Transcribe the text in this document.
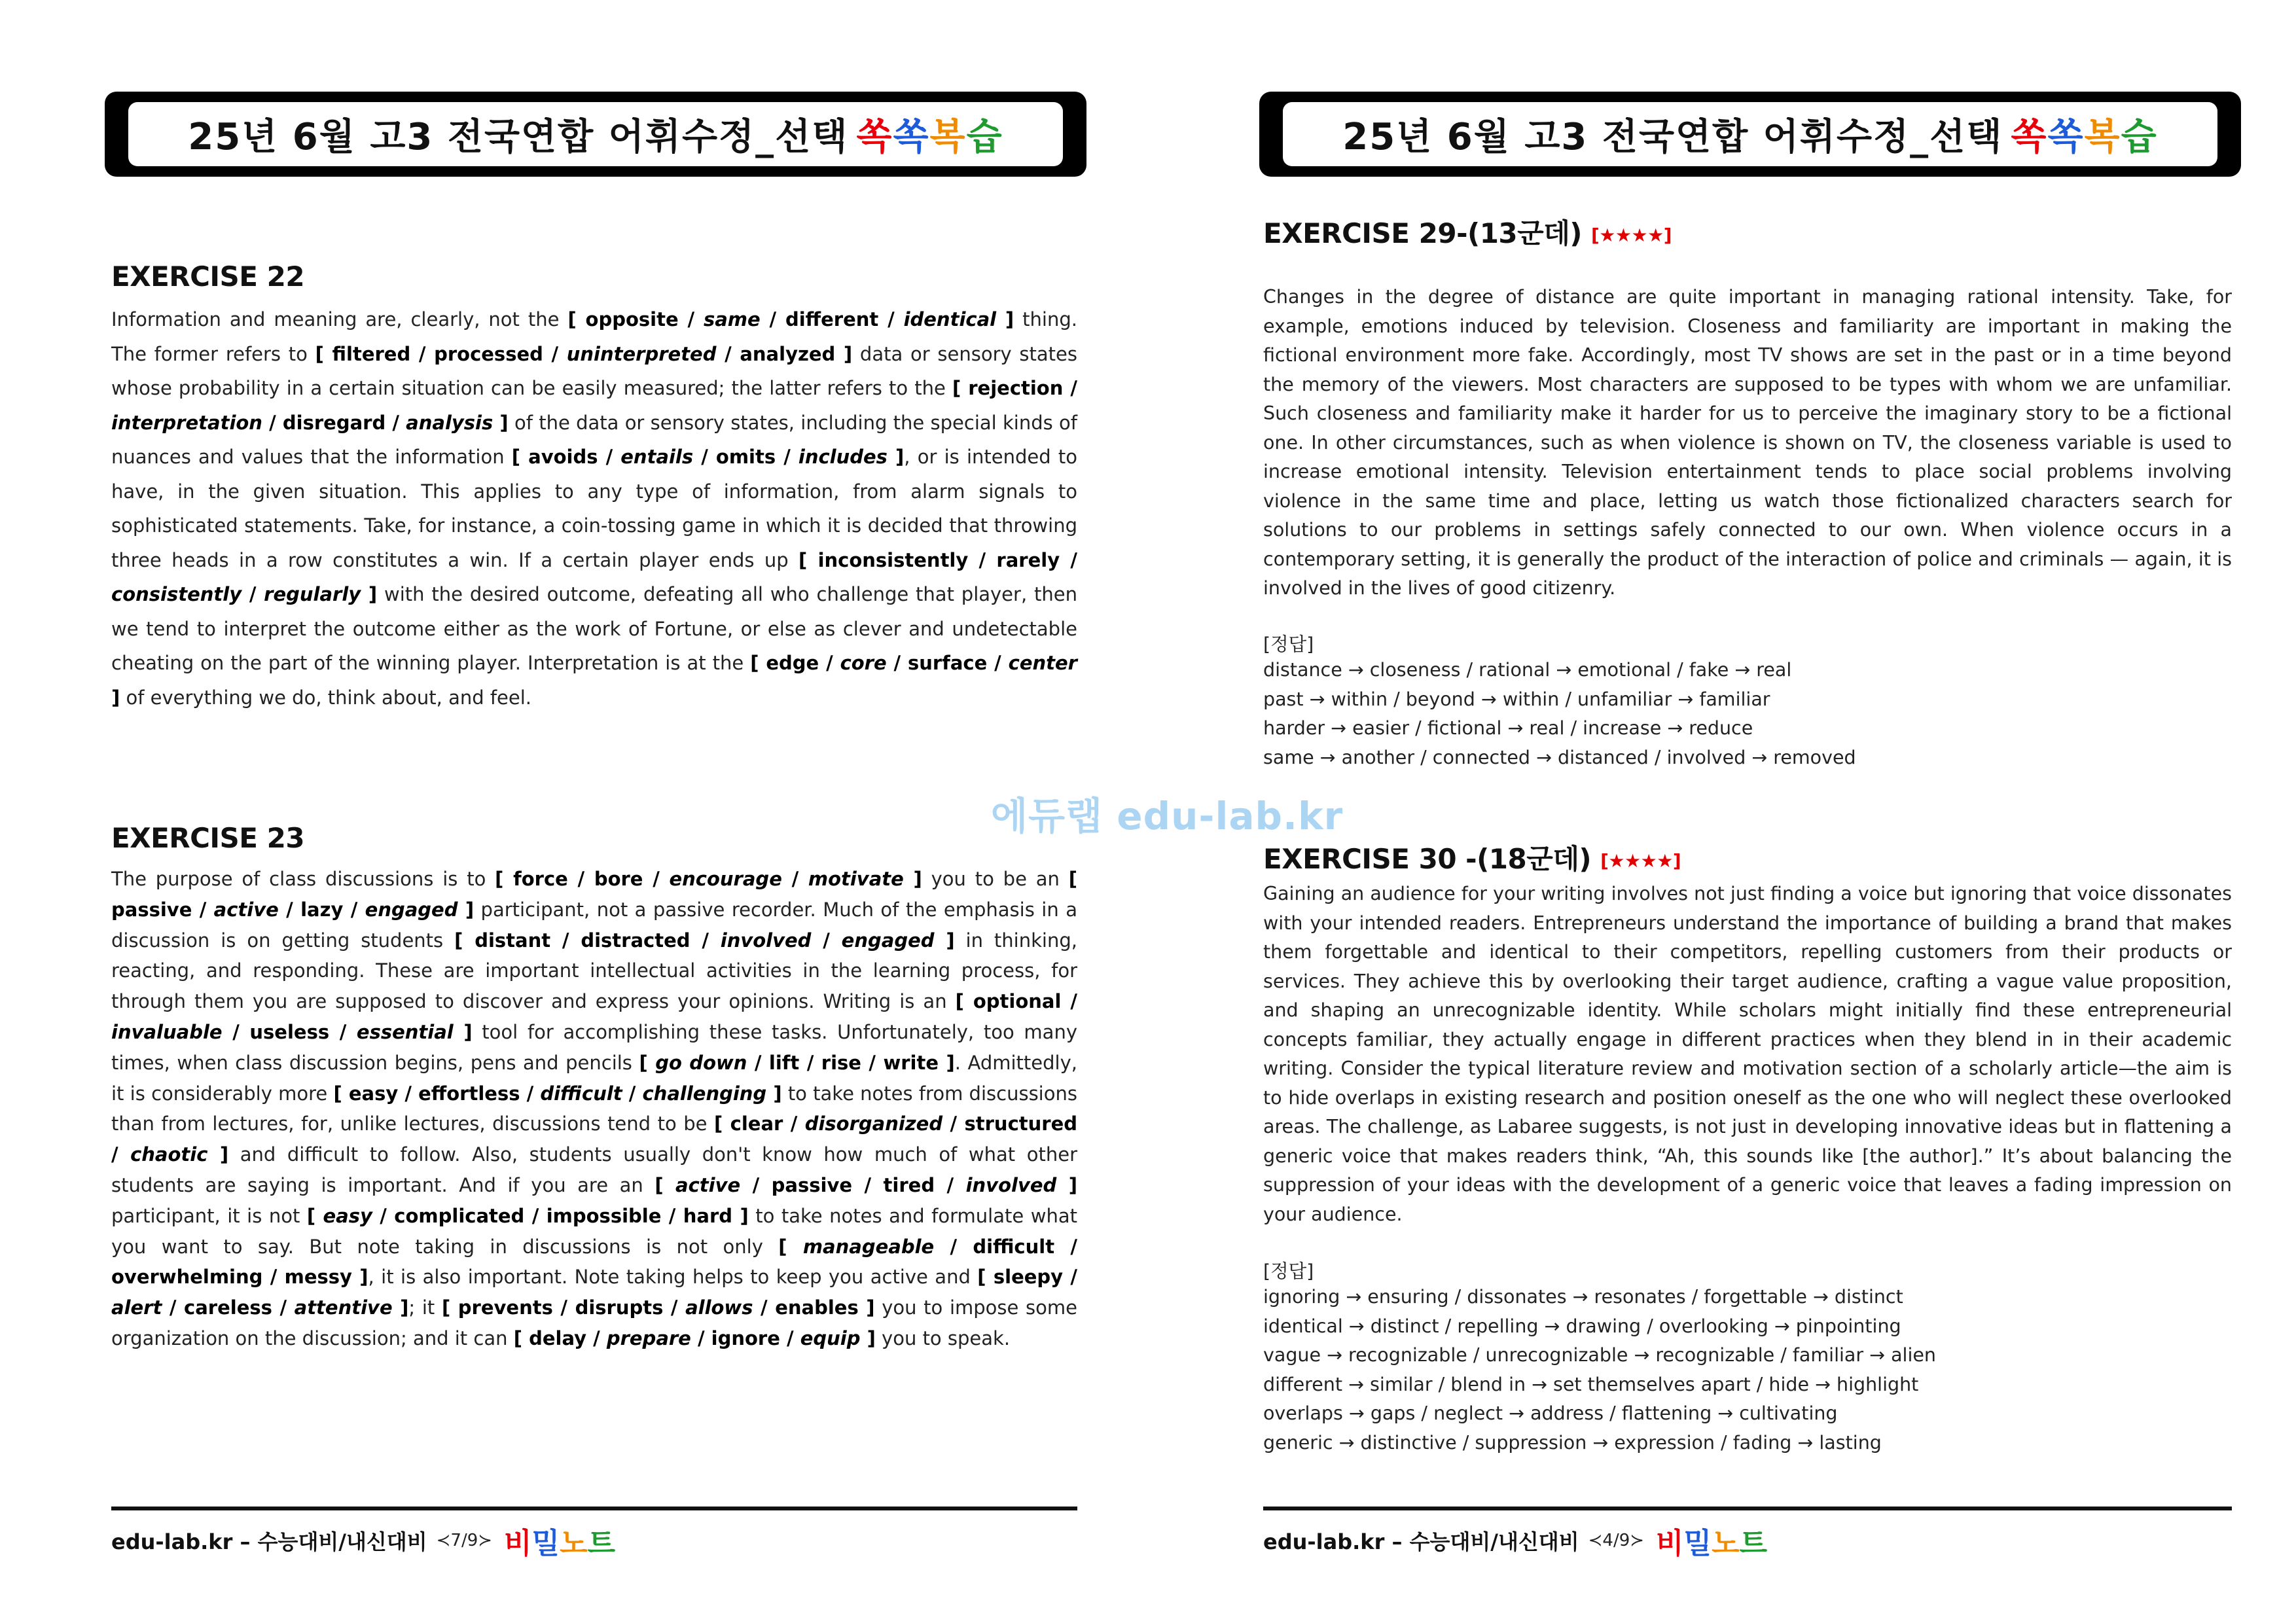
25년 6월 고3 전국연합 어휘수정_선택 쏙쏙복습
EXERCISE 22
Information and meaning are, clearly, not the [ opposite / same / different / identical ] thing. The former refers to [ filtered / processed / uninterpreted / analyzed ] data or sensory states whose probability in a certain situation can be easily measured; the latter refers to the [ rejection / interpretation / disregard / analysis ] of the data or sensory states, including the special kinds of nuances and values that the information [ avoids / entails / omits / includes ], or is intended to have, in the given situation. This applies to any type of information, from alarm signals to sophisticated statements. Take, for instance, a coin-tossing game in which it is decided that throwing three heads in a row constitutes a win. If a certain player ends up [ inconsistently / rarely / consistently / regularly ] with the desired outcome, defeating all who challenge that player, then we tend to interpret the outcome either as the work of Fortune, or else as clever and undetectable cheating on the part of the winning player. Interpretation is at the [ edge / core / surface / center ] of everything we do, think about, and feel.
EXERCISE 23
The purpose of class discussions is to [ force / bore / encourage / motivate ] you to be an [ passive / active / lazy / engaged ] participant, not a passive recorder. Much of the emphasis in a discussion is on getting students [ distant / distracted / involved / engaged ] in thinking, reacting, and responding. These are important intellectual activities in the learning process, for through them you are supposed to discover and express your opinions. Writing is an [ optional / invaluable / useless / essential ] tool for accomplishing these tasks. Unfortunately, too many times, when class discussion begins, pens and pencils [ go down / lift / rise / write ]. Admittedly, it is considerably more [ easy / effortless / difficult / challenging ] to take notes from discussions than from lectures, for, unlike lectures, discussions tend to be [ clear / disorganized / structured / chaotic ] and difficult to follow. Also, students usually don't know how much of what other students are saying is important. And if you are an [ active / passive / tired / involved ] participant, it is not [ easy / complicated / impossible / hard ] to take notes and formulate what you want to say. But note taking in discussions is not only [ manageable / difficult / overwhelming / messy ], it is also important. Note taking helps to keep you active and [ sleepy / alert / careless / attentive ]; it [ prevents / disrupts / allows / enables ] you to impose some organization on the discussion; and it can [ delay / prepare / ignore / equip ] you to speak.
edu-lab.kr – 수능대비/내신대비 ≺7/9≻ 비밀노트
25년 6월 고3 전국연합 어휘수정_선택 쏙쏙복습
EXERCISE 29-(13군데) [★★★★]
Changes in the degree of distance are quite important in managing rational intensity. Take, for example, emotions induced by television. Closeness and familiarity are important in making the fictional environment more fake. Accordingly, most TV shows are set in the past or in a time beyond the memory of the viewers. Most characters are supposed to be types with whom we are unfamiliar. Such closeness and familiarity make it harder for us to perceive the imaginary story to be a fictional one. In other circumstances, such as when violence is shown on TV, the closeness variable is used to increase emotional intensity. Television entertainment tends to place social problems involving violence in the same time and place, letting us watch those fictionalized characters search for solutions to our problems in settings safely connected to our own. When violence occurs in a contemporary setting, it is generally the product of the interaction of police and criminals — again, it is involved in the lives of good citizenry.
[정답]
EXERCISE 30 -(18군데) [★★★★]
Gaining an audience for your writing involves not just finding a voice but ignoring that voice dissonates with your intended readers. Entrepreneurs understand the importance of building a brand that makes them forgettable and identical to their competitors, repelling customers from their products or services. They achieve this by overlooking their target audience, crafting a vague value proposition, and shaping an unrecognizable identity. While scholars might initially find these entrepreneurial concepts familiar, they actually engage in different practices when they blend in in their academic writing. Consider the typical literature review and motivation section of a scholarly article—the aim is to hide overlaps in existing research and position oneself as the one who will neglect these overlooked areas. The challenge, as Labaree suggests, is not just in developing innovative ideas but in flattening a generic voice that makes readers think, “Ah, this sounds like [the author].” It’s about balancing the suppression of your ideas with the development of a generic voice that leaves a fading impression on your audience.
[정답]
edu-lab.kr – 수능대비/내신대비 ≺4/9≻ 비밀노트
distance → closeness / rational → emotional / fake → real
past → within / beyond → within / unfamiliar → familiar
harder → easier / fictional → real / increase → reduce
same → another / connected → distanced / involved → removed
ignoring → ensuring / dissonates → resonates / forgettable → distinct
identical → distinct / repelling → drawing / overlooking → pinpointing
vague → recognizable / unrecognizable → recognizable / familiar → alien
different → similar / blend in → set themselves apart / hide → highlight
overlaps → gaps / neglect → address / flattening → cultivating
generic → distinctive / suppression → expression / fading → lasting
에듀랩 edu-lab.kr
